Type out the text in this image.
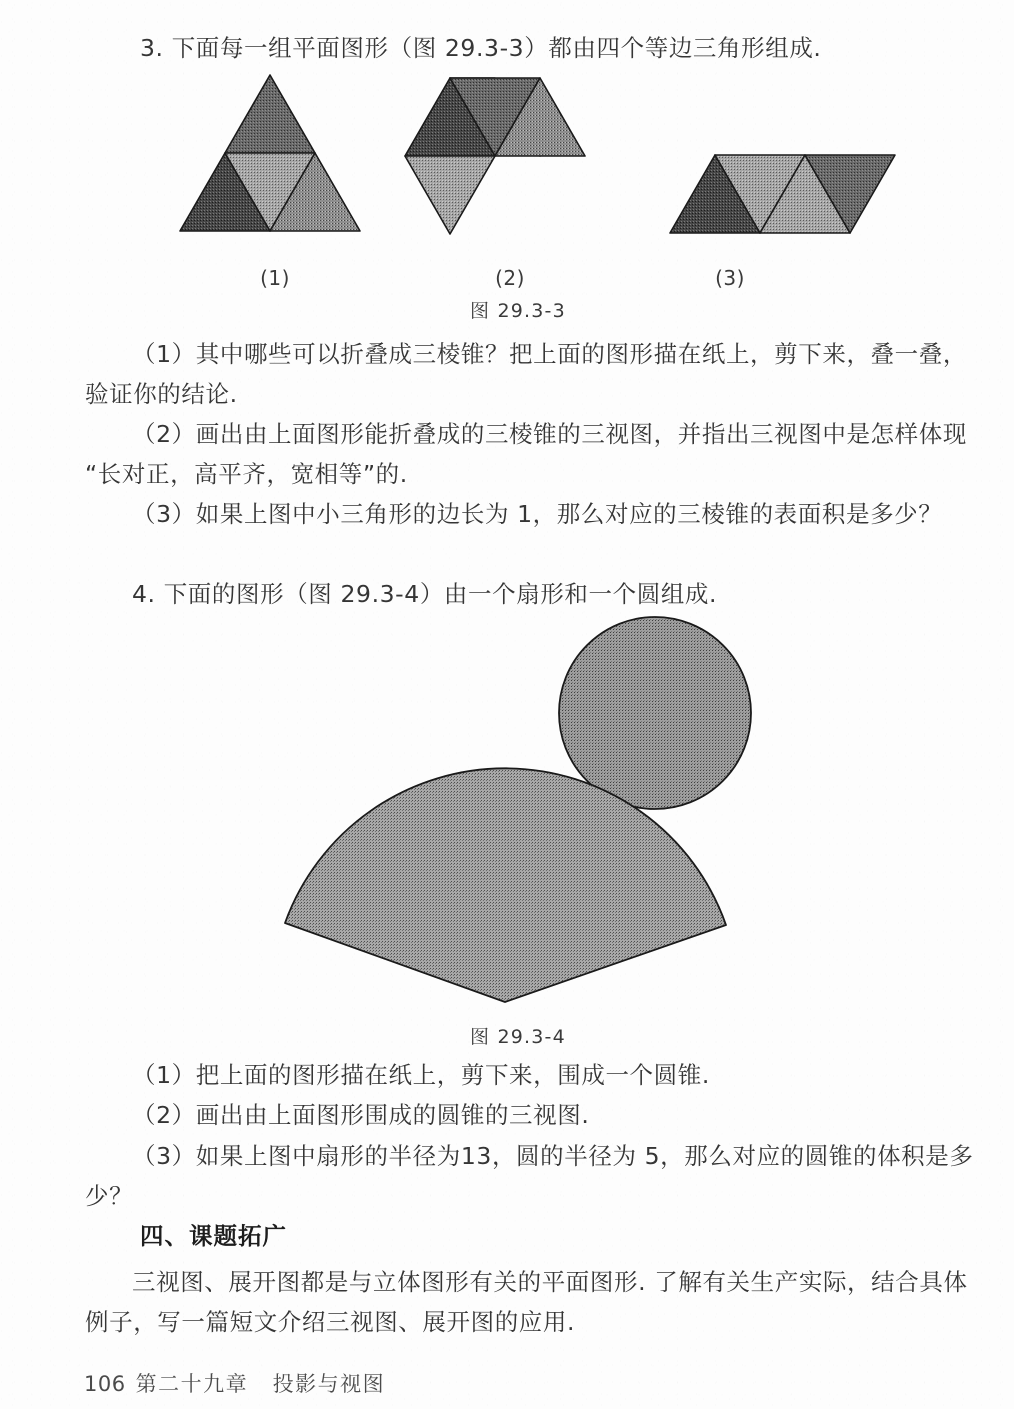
3. 下面每一组平面图形（图 29.3-3）都由四个等边三角形组成.
(1)	(2)	(3)
图 29.3-3
（1）其中哪些可以折叠成三棱锥？把上面的图形描在纸上，剪下来，叠一叠，验证你的结论.
（2）画出由上面图形能折叠成的三棱锥的三视图，并指出三视图中是怎样体现“长对正，高平齐，宽相等”的.
（3）如果上图中小三角形的边长为 1，那么对应的三棱锥的表面积是多少？
4. 下面的图形（图 29.3-4）由一个扇形和一个圆组成.
图 29.3-4
（1）把上面的图形描在纸上，剪下来，围成一个圆锥.
（2）画出由上面图形围成的圆锥的三视图.
（3）如果上图中扇形的半径为13，圆的半径为 5，那么对应的圆锥的体积是多少？
四、课题拓广
三视图、展开图都是与立体图形有关的平面图形. 了解有关生产实际，结合具体例子，写一篇短文介绍三视图、展开图的应用.
106 第二十九章 投影与视图
